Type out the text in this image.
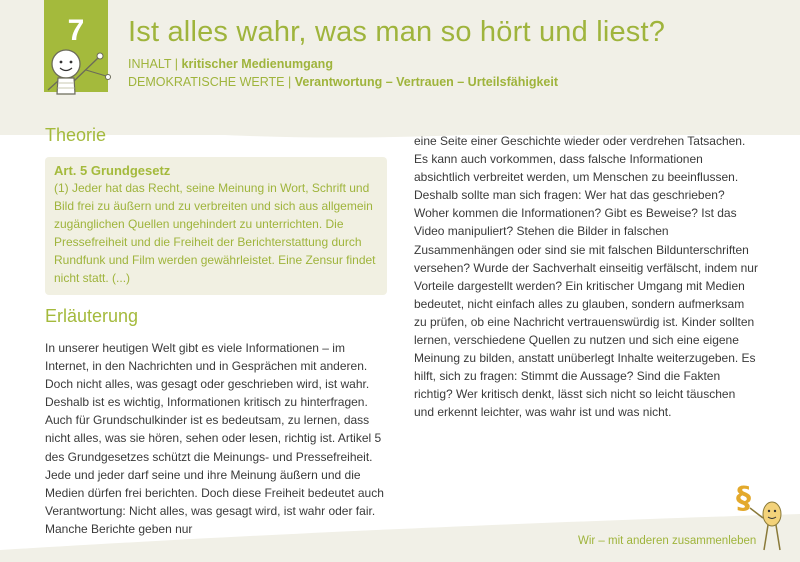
7	Ist alles wahr, was man so hört und liest?
INHALT | kritischer Medienumgang
DEMOKRATISCHE WERTE | Verantwortung – Vertrauen – Urteilsfähigkeit
Theorie

Art. 5 Grundgesetz

(1) Jeder hat das Recht, seine Meinung in Wort, Schrift und Bild frei zu äußern und zu verbreiten und sich aus allgemein zugänglichen Quellen ungehindert zu unterrichten. Die Pressefreiheit und die Freiheit der Berichterstattung durch Rundfunk und Film werden gewährleistet. Eine Zensur findet nicht statt. (...)

Erläuterung

In unserer heutigen Welt gibt es viele Informationen – im Internet, in den Nachrichten und in Gesprächen mit anderen. Doch nicht alles, was gesagt oder geschrieben wird, ist wahr. Deshalb ist es wichtig, Informationen kritisch zu hinterfragen. Auch für Grundschulkinder ist es bedeutsam, zu lernen, dass nicht alles, was sie hören, sehen oder lesen, richtig ist. Artikel 5 des Grundgesetzes schützt die Meinungs- und Pressefreiheit. Jede und jeder darf seine und ihre Meinung äußern und die Medien dürfen frei berichten. Doch diese Freiheit bedeutet auch Verantwortung: Nicht alles, was gesagt wird, ist wahr oder fair. Manche Berichte geben nur

eine Seite einer Geschichte wieder oder verdrehen Tatsachen. Es kann auch vorkommen, dass falsche Informationen absichtlich verbreitet werden, um Menschen zu beeinflussen. Deshalb sollte man sich fragen: Wer hat das geschrieben? Woher kommen die Informationen? Gibt es Beweise? Ist das Video manipuliert? Stehen die Bilder in falschen Zusammenhängen oder sind sie mit falschen Bildunterschriften versehen? Wurde der Sachverhalt einseitig verfälscht, indem nur Vorteile dargestellt werden? Ein kritischer Umgang mit Medien bedeutet, nicht einfach alles zu glauben, sondern aufmerksam zu prüfen, ob eine Nachricht vertrauenswürdig ist. Kinder sollten lernen, verschiedene Quellen zu nutzen und sich eine eigene Meinung zu bilden, anstatt unüberlegt Inhalte weiterzugeben. Es hilft, sich zu fragen: Stimmt die Aussage? Sind die Fakten richtig? Wer kritisch denkt, lässt sich nicht so leicht täuschen und erkennt leichter, was wahr ist und was nicht.

Wir – mit anderen zusammenleben
§
